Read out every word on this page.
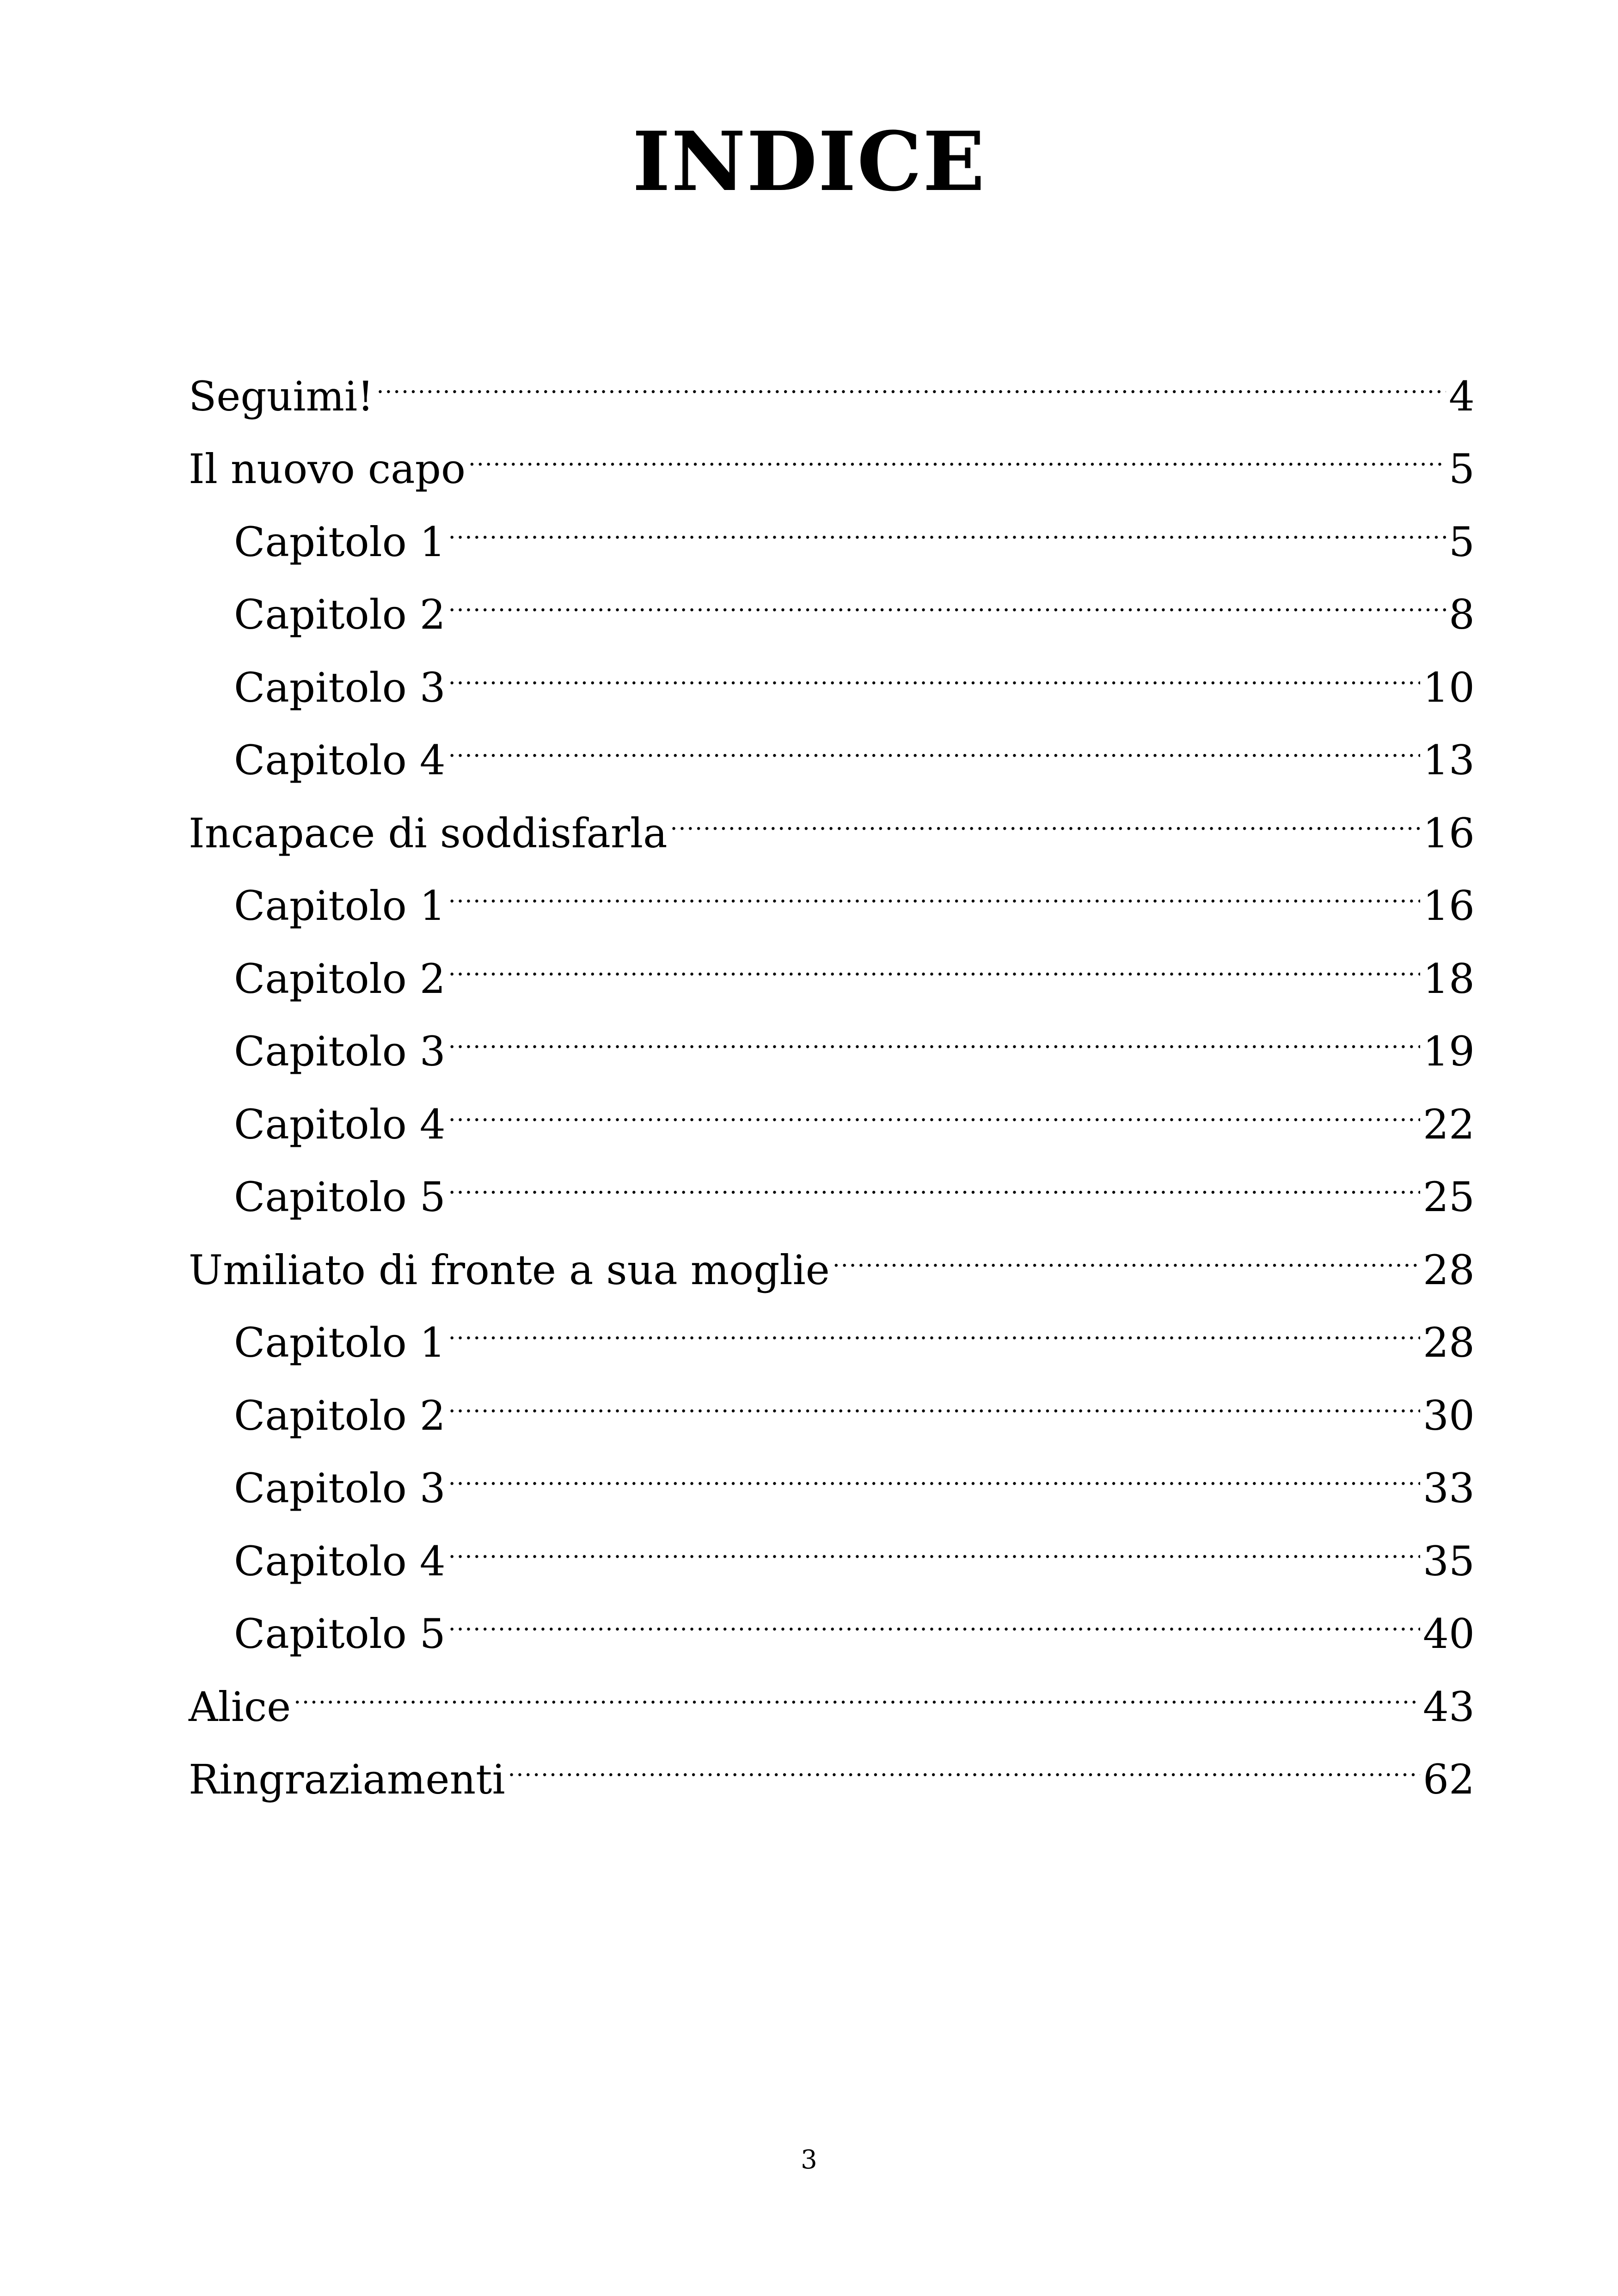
INDICE
Seguimi! .....	4
Il nuovo capo .....	5
Capitolo 1 .....	5
Capitolo 2 .....	8
Capitolo 3 .....	10
Capitolo 4 .....	13
Incapace di soddisfarla .....	16
Capitolo 1 .....	16
Capitolo 2 .....	18
Capitolo 3 .....	19
Capitolo 4 .....	22
Capitolo 5 .....	25
Umiliato di fronte a sua moglie .....	28
Capitolo 1 .....	28
Capitolo 2 .....	30
Capitolo 3 .....	33
Capitolo 4 .....	35
Capitolo 5 .....	40
Alice .....	43
Ringraziamenti .....	62
3
